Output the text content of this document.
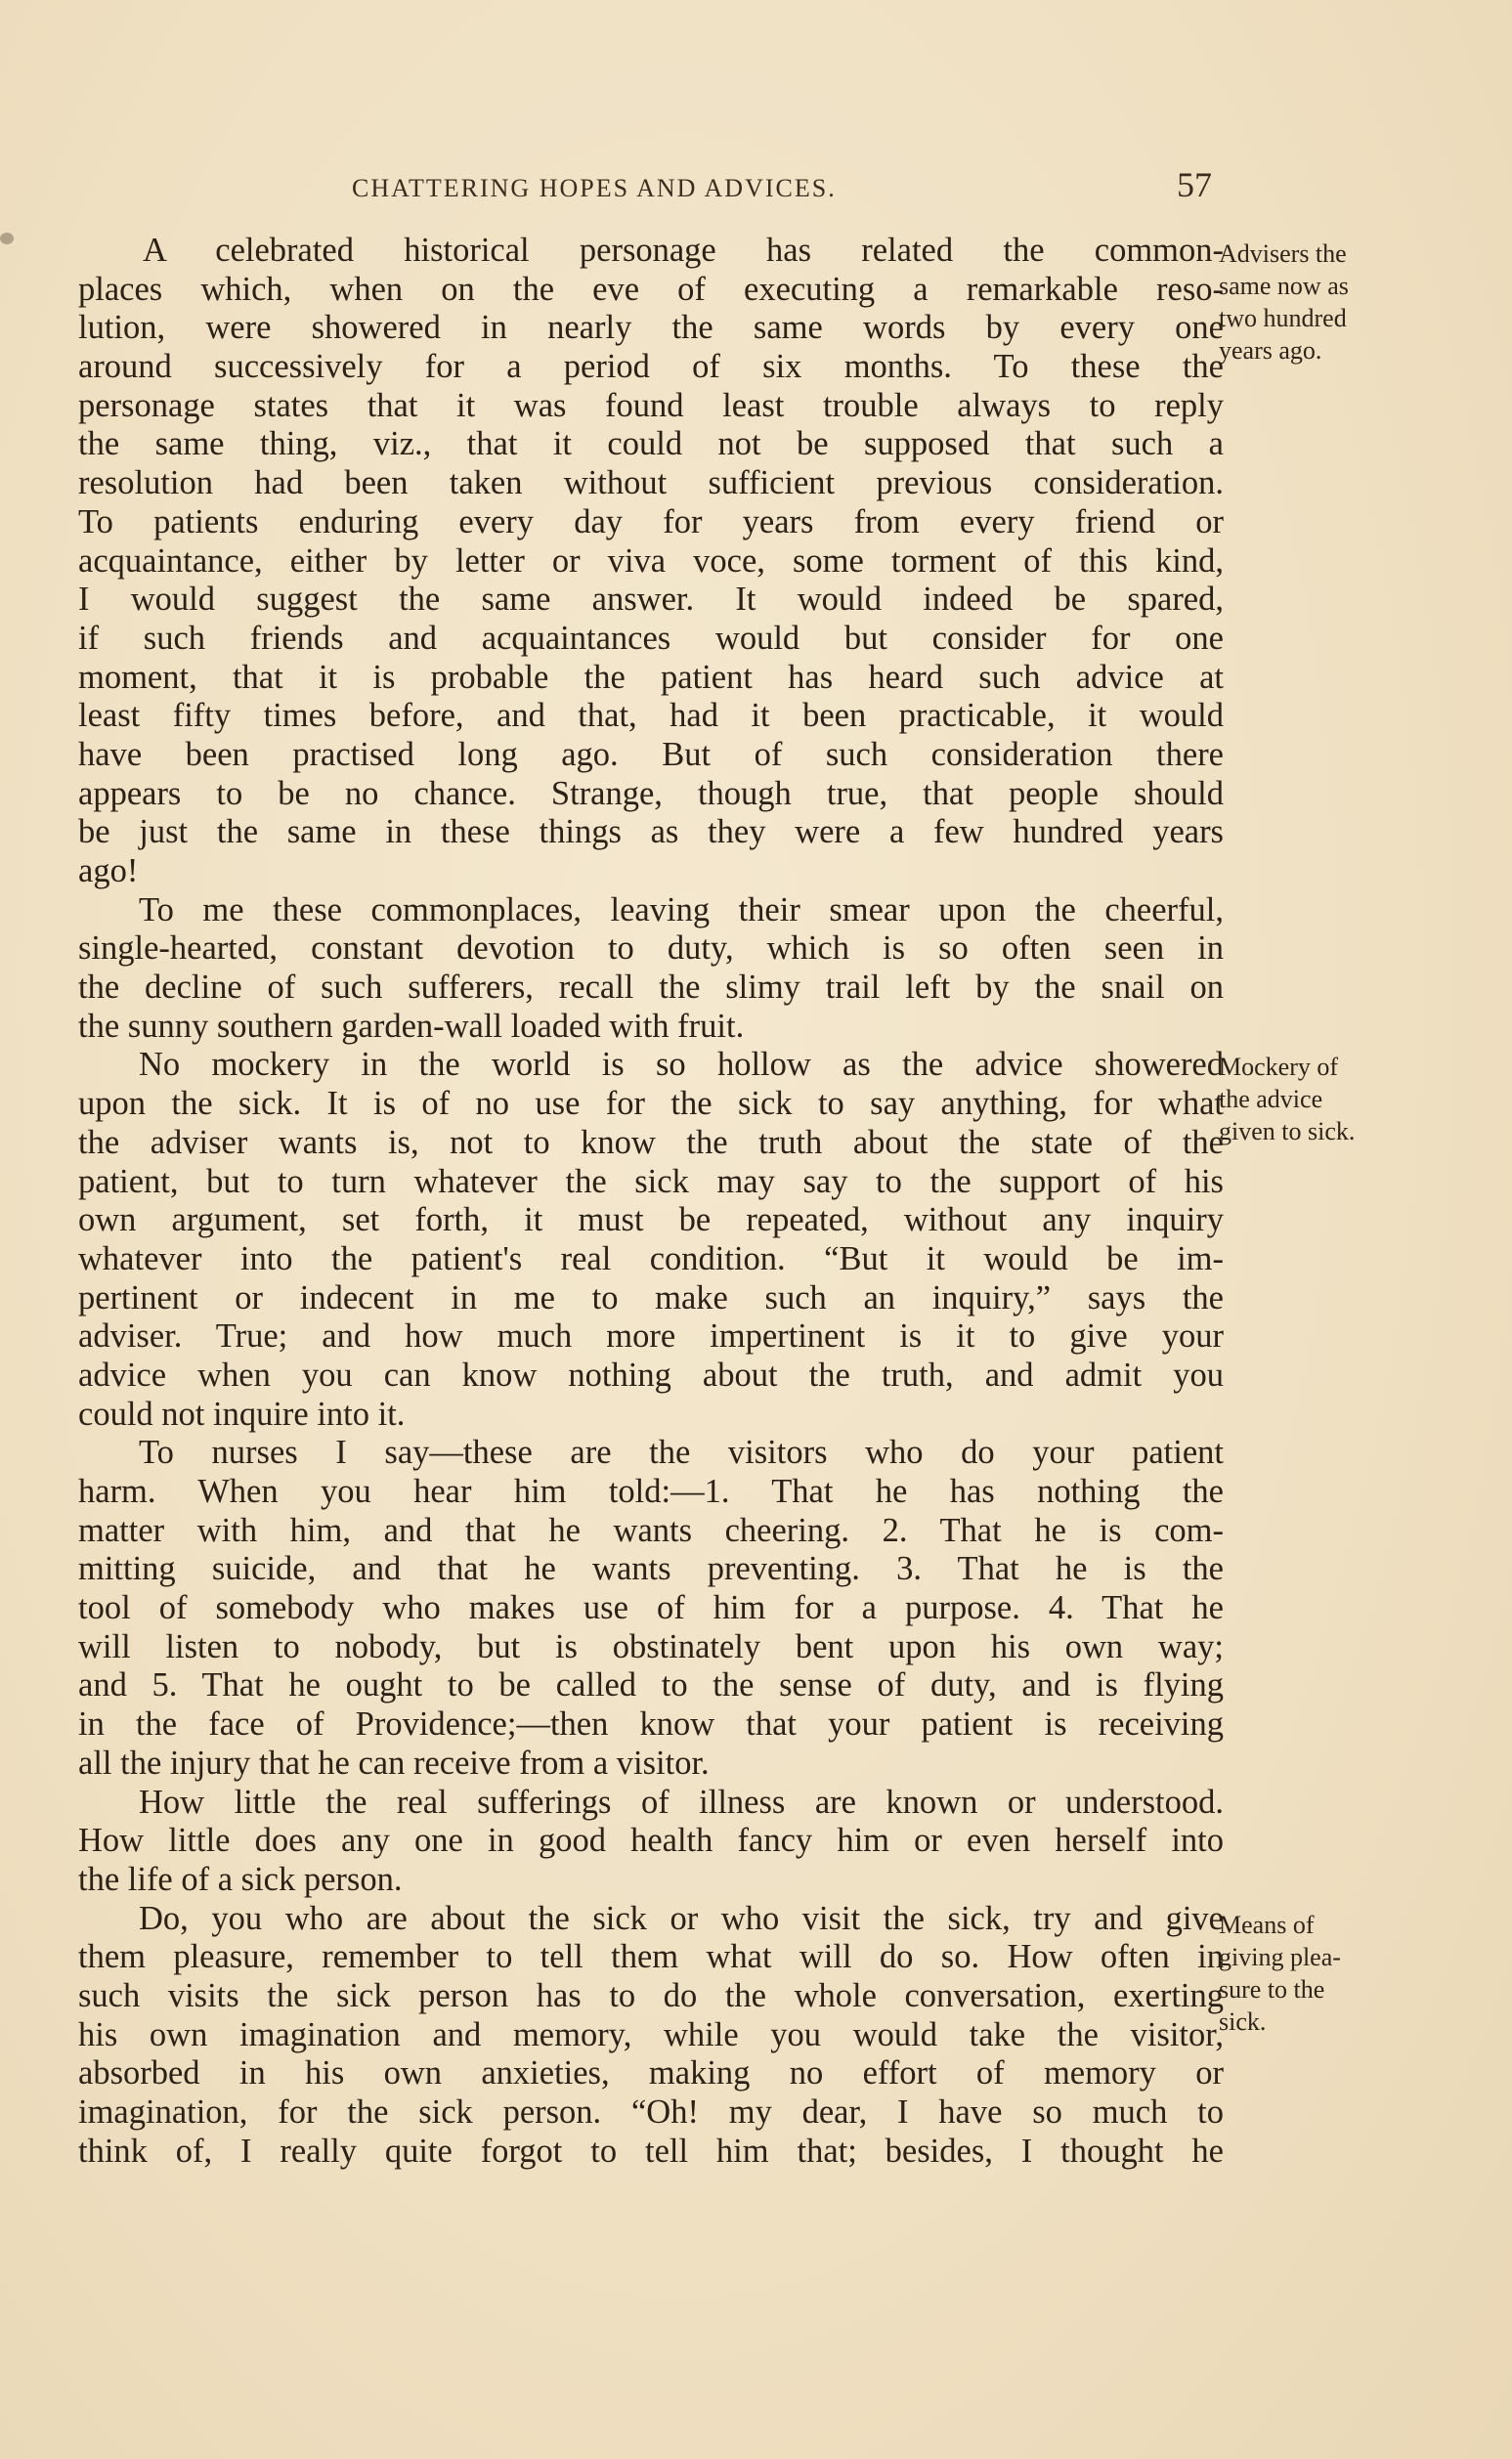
CHATTERING HOPES AND ADVICES.	57
A celebrated historical personage has related the common-
places which, when on the eve of executing a remarkable reso-
lution, were showered in nearly the same words by every one
around successively for a period of six months. To these the
personage states that it was found least trouble always to reply
the same thing, viz., that it could not be supposed that such a
resolution had been taken without sufficient previous consideration.
To patients enduring every day for years from every friend or
acquaintance, either by letter or viva voce, some torment of this kind,
I would suggest the same answer. It would indeed be spared,
if such friends and acquaintances would but consider for one
moment, that it is probable the patient has heard such advice at
least fifty times before, and that, had it been practicable, it would
have been practised long ago. But of such consideration there
appears to be no chance. Strange, though true, that people should
be just the same in these things as they were a few hundred years
ago!
To me these commonplaces, leaving their smear upon the cheerful,
single-hearted, constant devotion to duty, which is so often seen in
the decline of such sufferers, recall the slimy trail left by the snail on
the sunny southern garden-wall loaded with fruit.
No mockery in the world is so hollow as the advice showered
upon the sick. It is of no use for the sick to say anything, for what
the adviser wants is, not to know the truth about the state of the
patient, but to turn whatever the sick may say to the support of his
own argument, set forth, it must be repeated, without any inquiry
whatever into the patient's real condition. “But it would be im-
pertinent or indecent in me to make such an inquiry,” says the
adviser. True; and how much more impertinent is it to give your
advice when you can know nothing about the truth, and admit you
could not inquire into it.
To nurses I say—these are the visitors who do your patient
harm. When you hear him told:—1. That he has nothing the
matter with him, and that he wants cheering. 2. That he is com-
mitting suicide, and that he wants preventing. 3. That he is the
tool of somebody who makes use of him for a purpose. 4. That he
will listen to nobody, but is obstinately bent upon his own way;
and 5. That he ought to be called to the sense of duty, and is flying
in the face of Providence;—then know that your patient is receiving
all the injury that he can receive from a visitor.
How little the real sufferings of illness are known or understood.
How little does any one in good health fancy him or even herself into
the life of a sick person.
Do, you who are about the sick or who visit the sick, try and give
them pleasure, remember to tell them what will do so. How often in
such visits the sick person has to do the whole conversation, exerting
his own imagination and memory, while you would take the visitor,
absorbed in his own anxieties, making no effort of memory or
imagination, for the sick person. “Oh! my dear, I have so much to
think of, I really quite forgot to tell him that; besides, I thought he
Advisers the
same now as
two hundred
years ago.
Mockery of
the advice
given to sick.
Means of
giving plea-
sure to the
sick.
